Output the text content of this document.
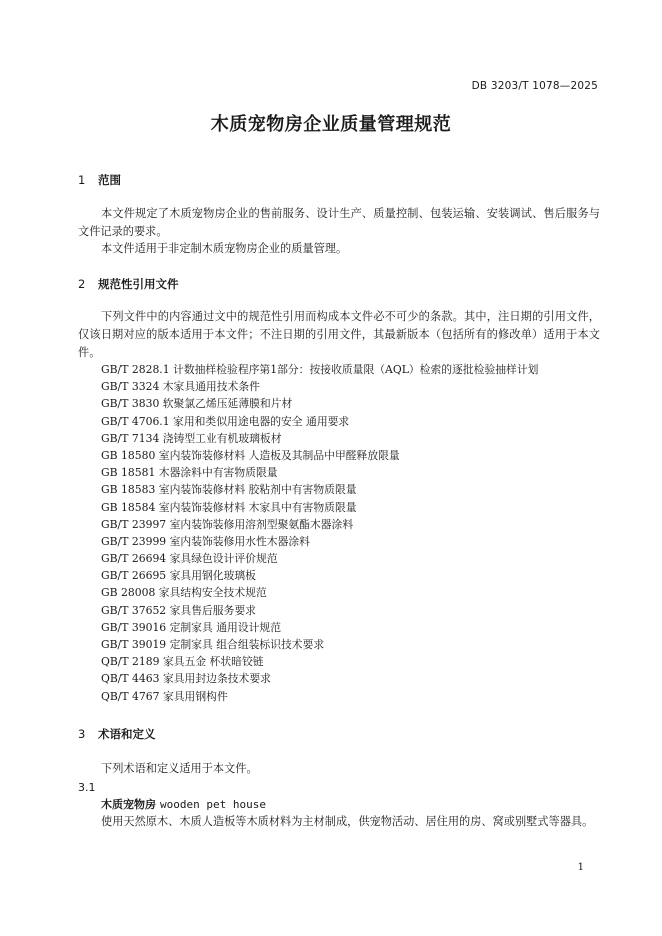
DB 3203/T 1078—2025
木质宠物房企业质量管理规范
1 范围
本文件规定了木质宠物房企业的售前服务、设计生产、质量控制、包装运输、安装调试、售后服务与文件记录的要求。
本文件适用于非定制木质宠物房企业的质量管理。
2 规范性引用文件
下列文件中的内容通过文中的规范性引用而构成本文件必不可少的条款。其中，注日期的引用文件，仅该日期对应的版本适用于本文件；不注日期的引用文件，其最新版本（包括所有的修改单）适用于本文件。
GB/T 2828.1 计数抽样检验程序第1部分：按接收质量限（AQL）检索的逐批检验抽样计划
GB/T 3324 木家具通用技术条件
GB/T 3830 软聚氯乙烯压延薄膜和片材
GB/T 4706.1 家用和类似用途电器的安全 通用要求
GB/T 7134 浇铸型工业有机玻璃板材
GB 18580 室内装饰装修材料 人造板及其制品中甲醛释放限量
GB 18581 木器涂料中有害物质限量
GB 18583 室内装饰装修材料 胶粘剂中有害物质限量
GB 18584 室内装饰装修材料 木家具中有害物质限量
GB/T 23997 室内装饰装修用溶剂型聚氨酯木器涂料
GB/T 23999 室内装饰装修用水性木器涂料
GB/T 26694 家具绿色设计评价规范
GB/T 26695 家具用钢化玻璃板
GB 28008 家具结构安全技术规范
GB/T 37652 家具售后服务要求
GB/T 39016 定制家具 通用设计规范
GB/T 39019 定制家具 组合组装标识技术要求
QB/T 2189 家具五金 杯状暗铰链
QB/T 4463 家具用封边条技术要求
QB/T 4767 家具用钢构件
3 术语和定义
下列术语和定义适用于本文件。
3.1
木质宠物房 wooden pet house
使用天然原木、木质人造板等木质材料为主材制成，供宠物活动、居住用的房、窝或别墅式等器具。
1
